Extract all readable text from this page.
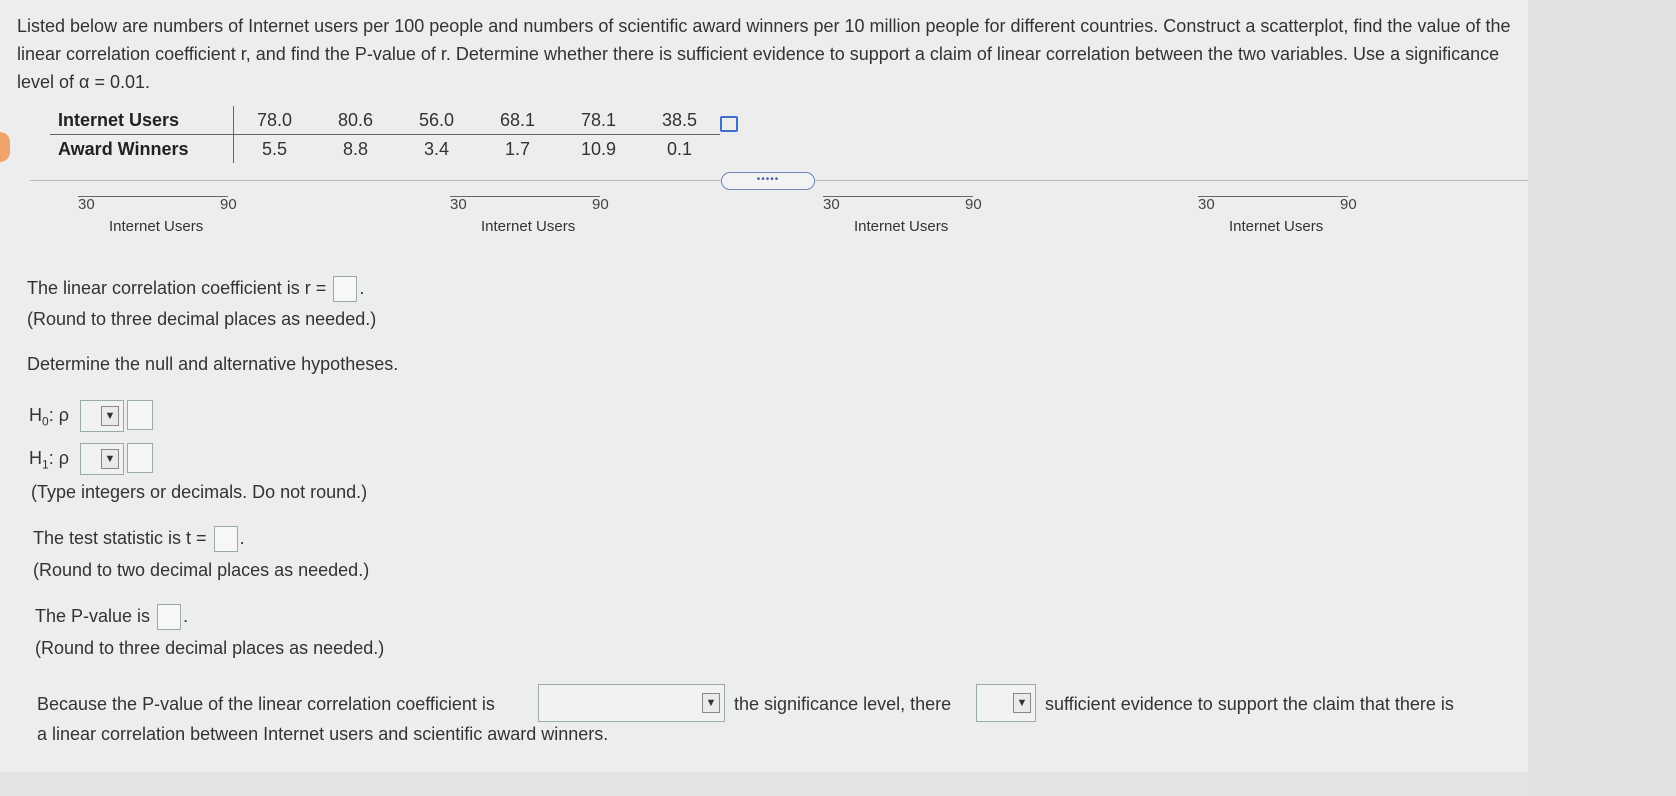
Listed below are numbers of Internet users per 100 people and numbers of scientific award winners per 10 million people for different countries. Construct a scatterplot, find the value of the linear correlation coefficient r, and find the P-value of r. Determine whether there is sufficient evidence to support a claim of linear correlation between the two variables. Use a significance level of α = 0.01.
Internet Users	78.0	80.6	56.0	68.1	78.1	38.5
Award Winners	5.5	8.8	3.4	1.7	10.9	0.1
•••••
30	90
Internet Users
30	90
Internet Users
30	90
Internet Users
30	90
Internet Users
The linear correlation coefficient is r = .
(Round to three decimal places as needed.)
Determine the null and alternative hypotheses.
$H_0$: ρ	▼
$H_1$: ρ	▼
(Type integers or decimals. Do not round.)
The test statistic is t = .
(Round to two decimal places as needed.)
The P-value is .
(Round to three decimal places as needed.)
Because the P-value of the linear correlation coefficient is	▼ the significance level, there	▼ sufficient evidence to support the claim that there is
a linear correlation between Internet users and scientific award winners.
